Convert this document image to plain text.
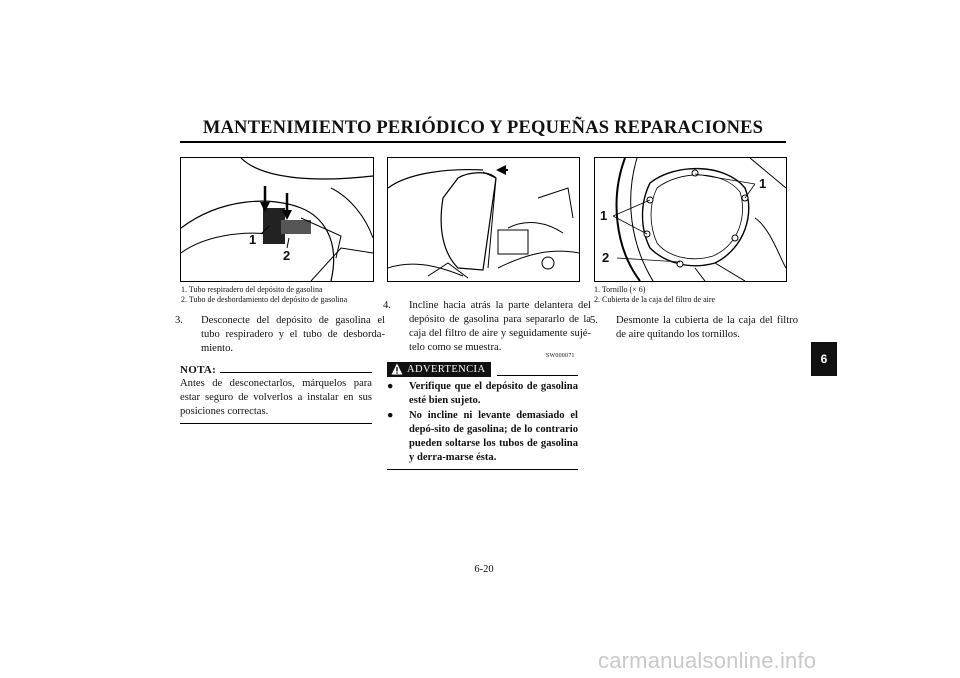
MANTENIMIENTO PERIÓDICO Y PEQUEÑAS REPARACIONES
1
2
1. Tubo respiradero del depósito de gasolina
2. Tubo de desbordamiento del depósito de gasolina
3. Desconecte del depósito de gasolina el tubo respiradero y el tubo de desborda-miento.
NOTA:
Antes de desconectarlos, márquelos para estar seguro de volverlos a instalar en sus posiciones correctas.
4. Incline hacia atrás la parte delantera del depósito de gasolina para separarlo de la caja del filtro de aire y seguidamente sujé-telo como se muestra.
SW000071
ADVERTENCIA
● Verifique que el depósito de gasolina esté bien sujeto.
● No incline ni levante demasiado el depó-sito de gasolina; de lo contrario pueden soltarse los tubos de gasolina y derra-marse ésta.
1
1
2
1. Tornillo (× 6)
2. Cubierta de la caja del filtro de aire
5. Desmonte la cubierta de la caja del filtro de aire quitando los tornillos.
6
6-20
carmanualsonline.info
